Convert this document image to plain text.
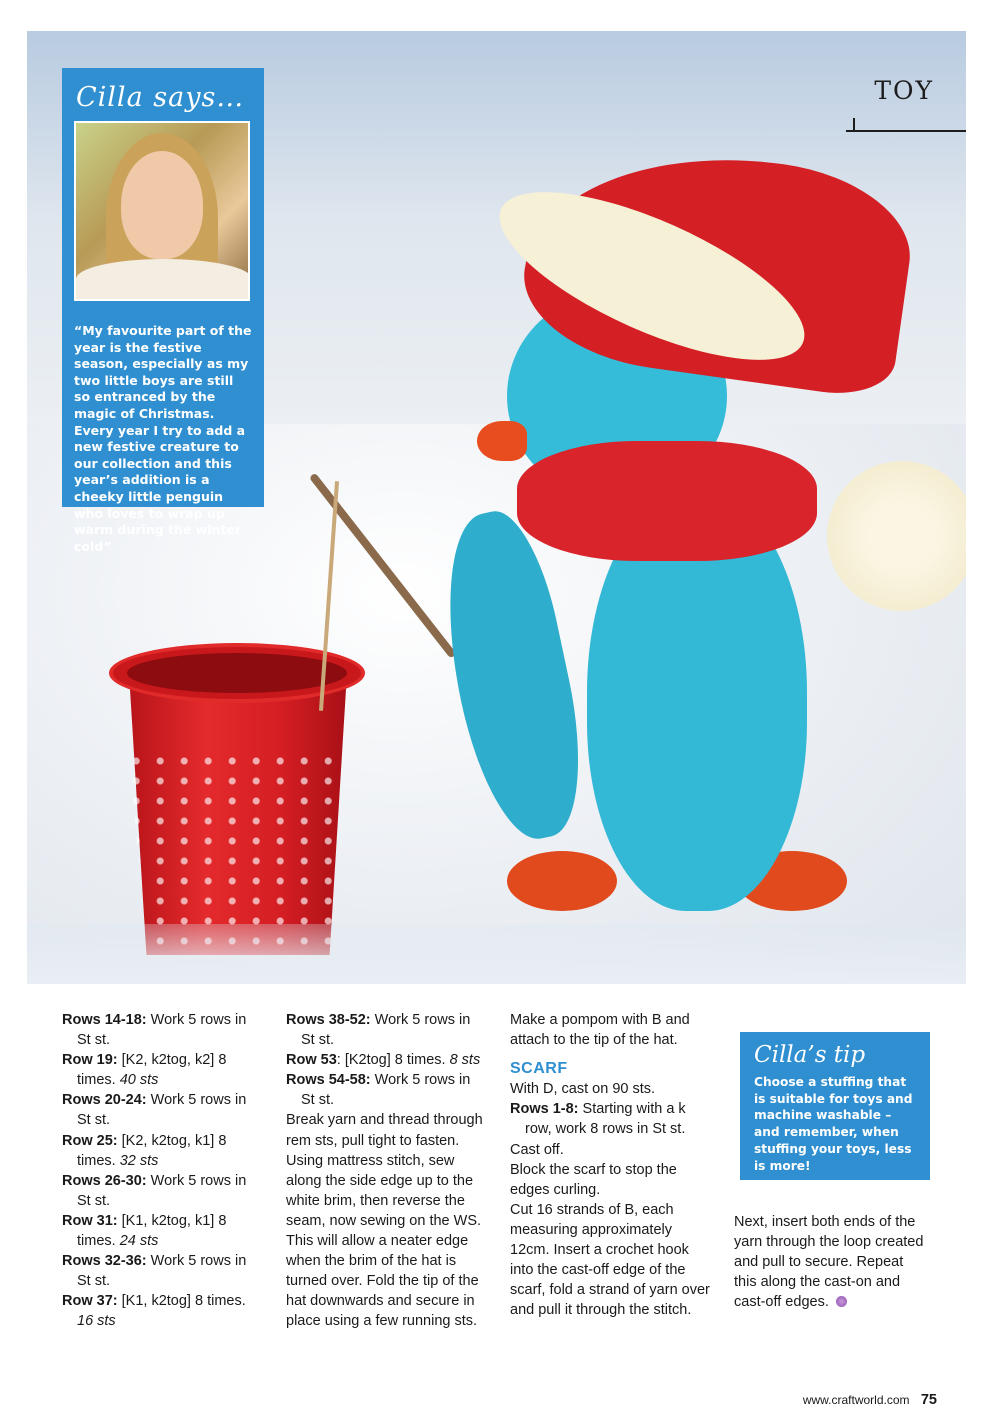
TOY
Cilla says…

“My favourite part of the year is the festive season, especially as my two little boys are still so entranced by the magic of Christmas. Every year I try to add a new festive creature to our collection and this year’s addition is a cheeky little penguin who loves to wrap up warm during the winter cold”

Rows 14-18: Work 5 rows in

St st.

Row 19: [K2, k2tog, k2] 8

times. 40 sts

Rows 20-24: Work 5 rows in

St st.

Row 25: [K2, k2tog, k1] 8

times. 32 sts

Rows 26-30: Work 5 rows in

St st.

Row 31: [K1, k2tog, k1] 8

times. 24 sts

Rows 32-36: Work 5 rows in

St st.

Row 37: [K1, k2tog] 8 times.

16 sts

Rows 38-52: Work 5 rows in

St st.

Row 53: [K2tog] 8 times. 8 sts

Rows 54-58: Work 5 rows in

St st.

Break yarn and thread through

rem sts, pull tight to fasten.

Using mattress stitch, sew

along the side edge up to the

white brim, then reverse the

seam, now sewing on the WS.

This will allow a neater edge

when the brim of the hat is

turned over. Fold the tip of the

hat downwards and secure in

place using a few running sts.

Make a pompom with B and

attach to the tip of the hat.

SCARF

With D, cast on 90 sts.

Rows 1-8: Starting with a k

row, work 8 rows in St st.

Cast off.

Block the scarf to stop the

edges curling.

Cut 16 strands of B, each

measuring approximately

12cm. Insert a crochet hook

into the cast-off edge of the

scarf, fold a strand of yarn over

and pull it through the stitch.

Cilla’s tip
Choose a stuffing that is suitable for toys and machine washable – and remember, when stuffing your toys, less is more!

Next, insert both ends of the

yarn through the loop created

and pull to secure. Repeat

this along the cast-on and

cast-off edges.

www.craftworld.com 75
